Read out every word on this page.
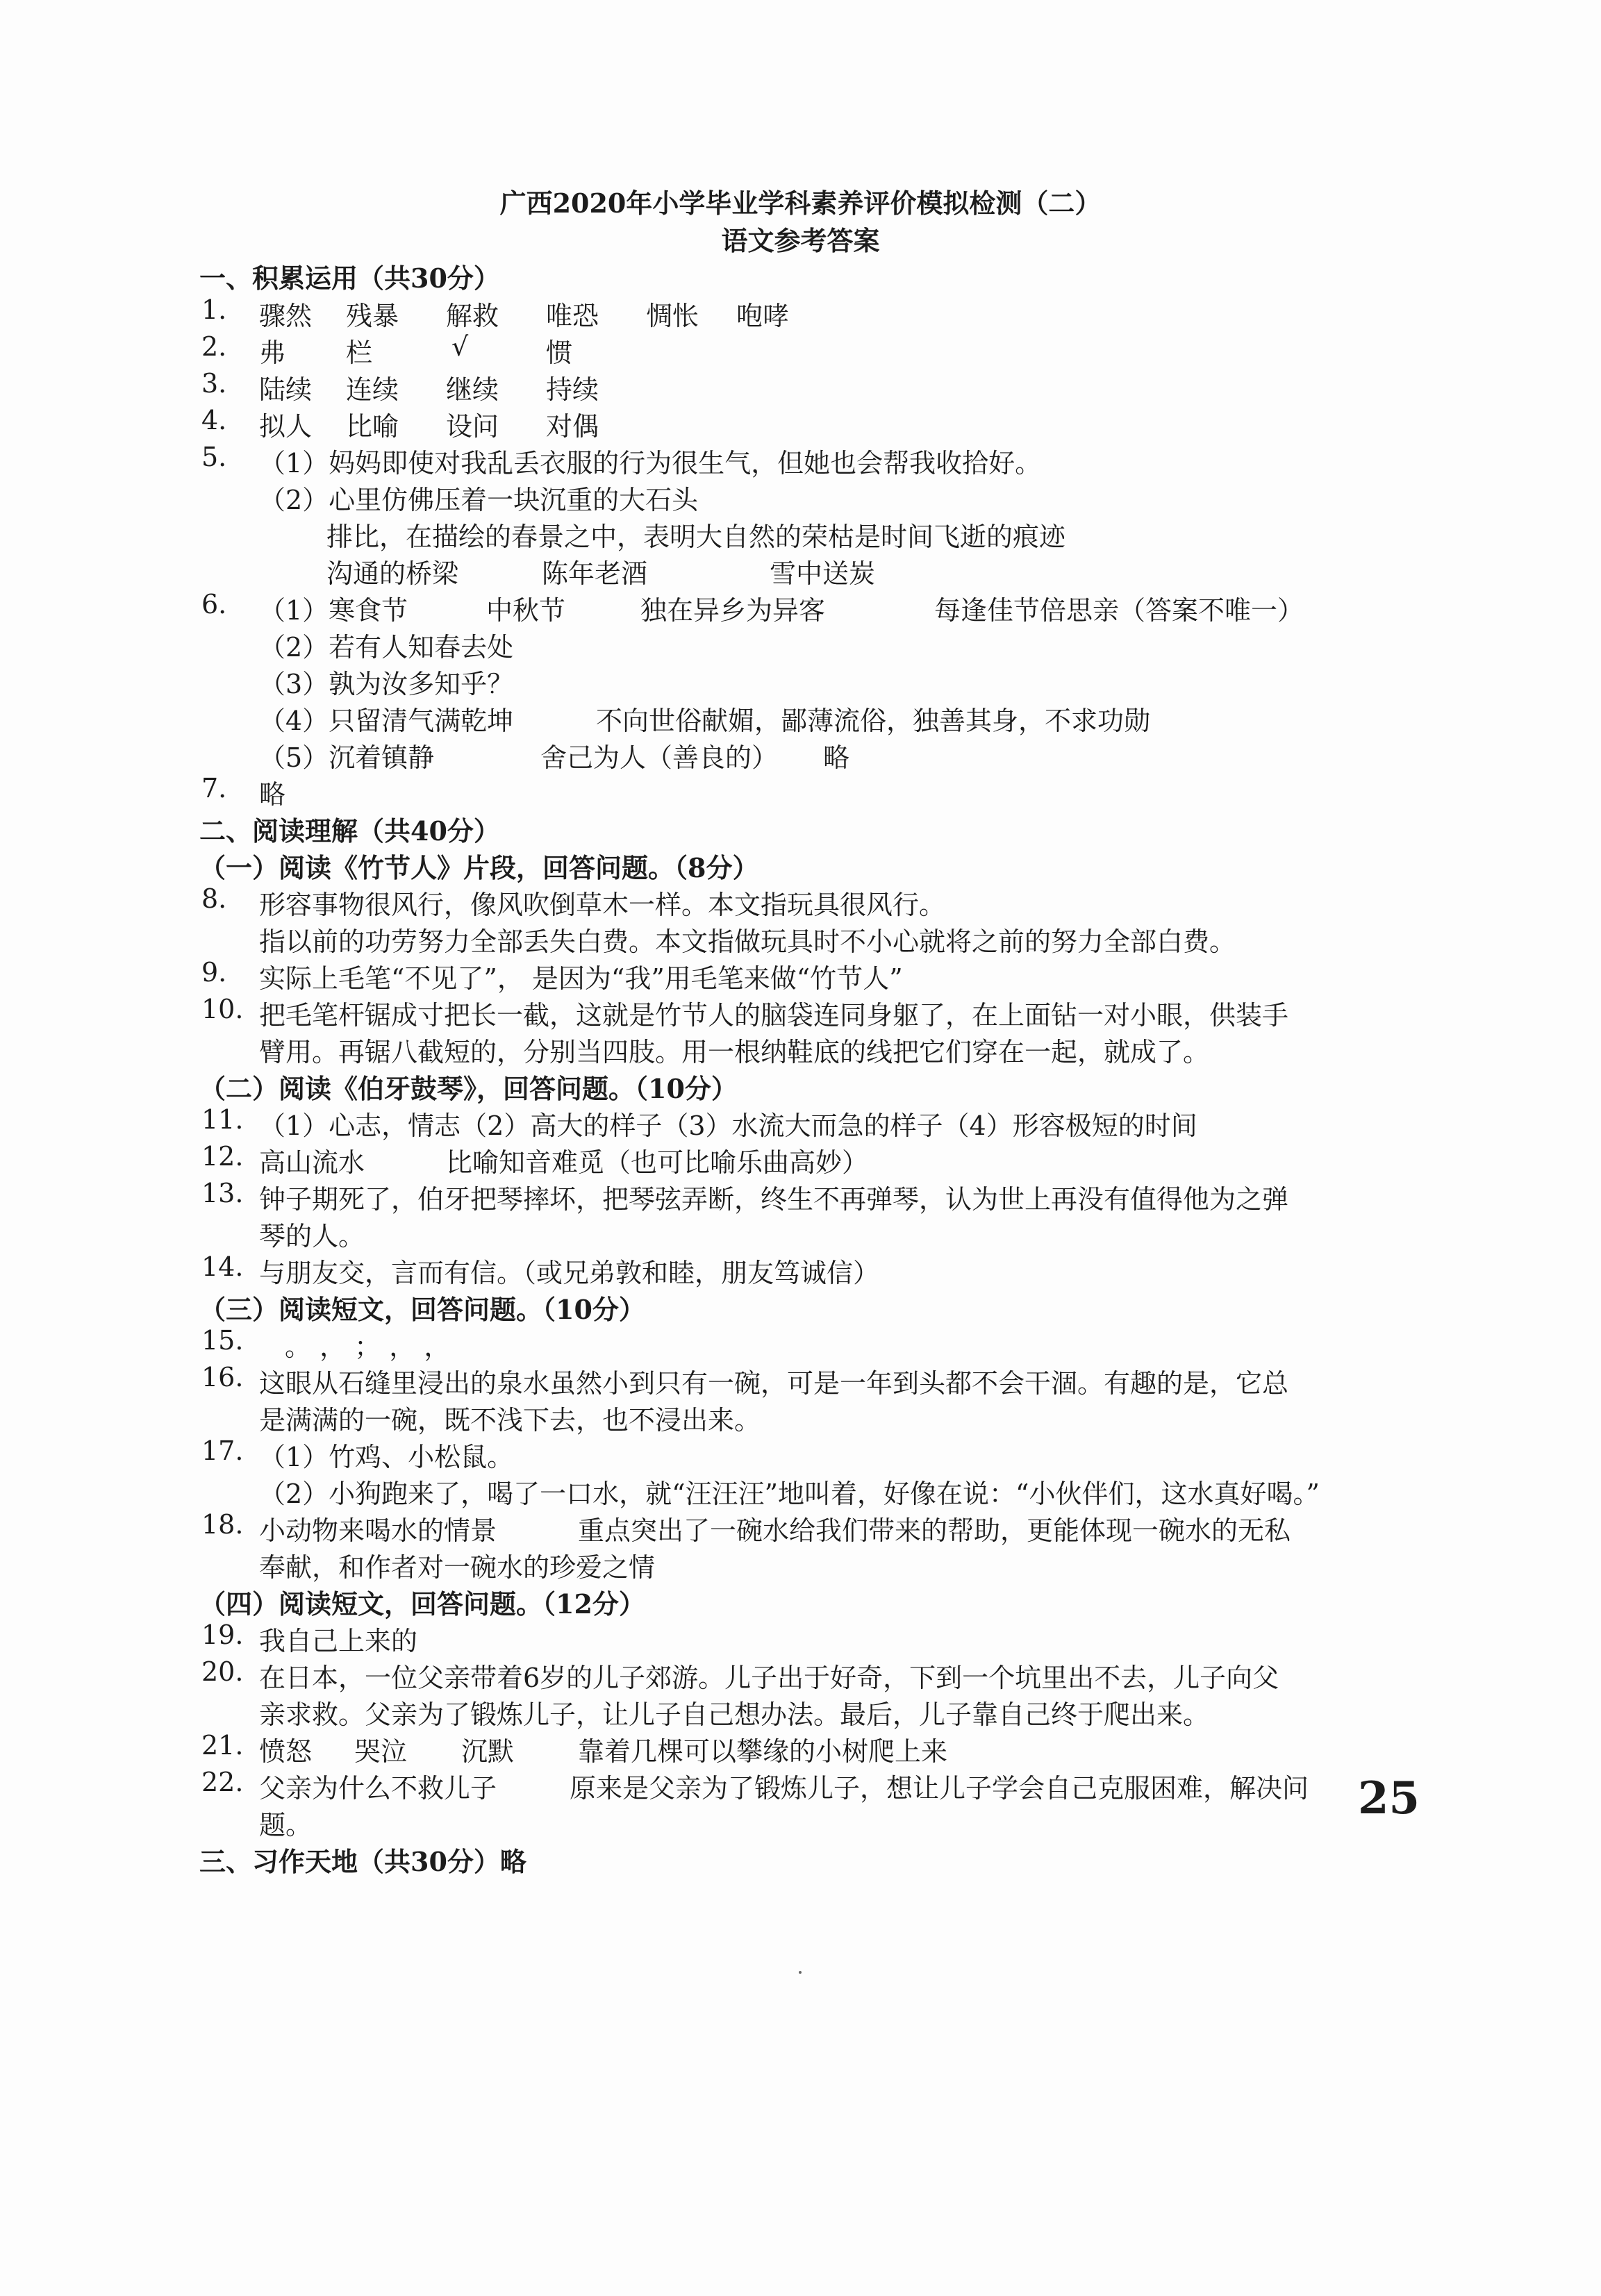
广西2020年小学毕业学科素养评价模拟检测（二）
语文参考答案
一、积累运用（共30分）
1. 骤然 残暴 解救 唯恐 惆怅 咆哮
2. 弗 栏	√	惯
3. 陆续 连续 继续 持续
4. 拟人 比喻 设问 对偶
5. （1）妈妈即使对我乱丢衣服的行为很生气，但她也会帮我收拾好。
（2）心里仿佛压着一块沉重的大石头
排比，在描绘的春景之中，表明大自然的荣枯是时间飞逝的痕迹
沟通的桥梁	陈年老酒	雪中送炭
6. （1）寒食节	中秋节	独在异乡为异客	每逢佳节倍思亲（答案不唯一）
（2）若有人知春去处
（3）孰为汝多知乎？
（4）只留清气满乾坤	不向世俗献媚，鄙薄流俗，独善其身，不求功勋
（5）沉着镇静	舍己为人（善良的） 略
7. 略
二、阅读理解（共40分）
（一）阅读《竹节人》片段，回答问题。（8分）
8. 形容事物很风行，像风吹倒草木一样。本文指玩具很风行。
指以前的功劳努力全部丢失白费。本文指做玩具时不小心就将之前的努力全部白费。
9. 实际上毛笔“不见了”， 是因为“我”用毛笔来做“竹节人”
10. 把毛笔杆锯成寸把长一截，这就是竹节人的脑袋连同身躯了，在上面钻一对小眼，供装手
臂用。再锯八截短的，分别当四肢。用一根纳鞋底的线把它们穿在一起，就成了。
（二）阅读《伯牙鼓琴》，回答问题。（10分）
11. （1）心志，情志（2）高大的样子（3）水流大而急的样子（4）形容极短的时间
12. 高山流水	比喻知音难觅（也可比喻乐曲高妙）
13. 钟子期死了，伯牙把琴摔坏，把琴弦弄断，终生不再弹琴，认为世上再没有值得他为之弹
琴的人。
14. 与朋友交，言而有信。（或兄弟敦和睦，朋友笃诚信）
（三）阅读短文，回答问题。（10分）
15. 。 ， ； ， ，
16. 这眼从石缝里浸出的泉水虽然小到只有一碗，可是一年到头都不会干涸。有趣的是，它总
是满满的一碗，既不浅下去，也不浸出来。
17. （1）竹鸡、小松鼠。
（2）小狗跑来了，喝了一口水，就“汪汪汪”地叫着，好像在说：“小伙伴们，这水真好喝。”
18. 小动物来喝水的情景	重点突出了一碗水给我们带来的帮助，更能体现一碗水的无私
奉献，和作者对一碗水的珍爱之情
（四）阅读短文，回答问题。（12分）
19. 我自己上来的
20. 在日本，一位父亲带着6岁的儿子郊游。儿子出于好奇，下到一个坑里出不去，儿子向父
亲求救。父亲为了锻炼儿子，让儿子自己想办法。最后，儿子靠自己终于爬出来。
21. 愤怒 哭泣 沉默 靠着几棵可以攀缘的小树爬上来
22. 父亲为什么不救儿子	原来是父亲为了锻炼儿子，想让儿子学会自己克服困难，解决问
题。
三、习作天地（共30分）略
25
